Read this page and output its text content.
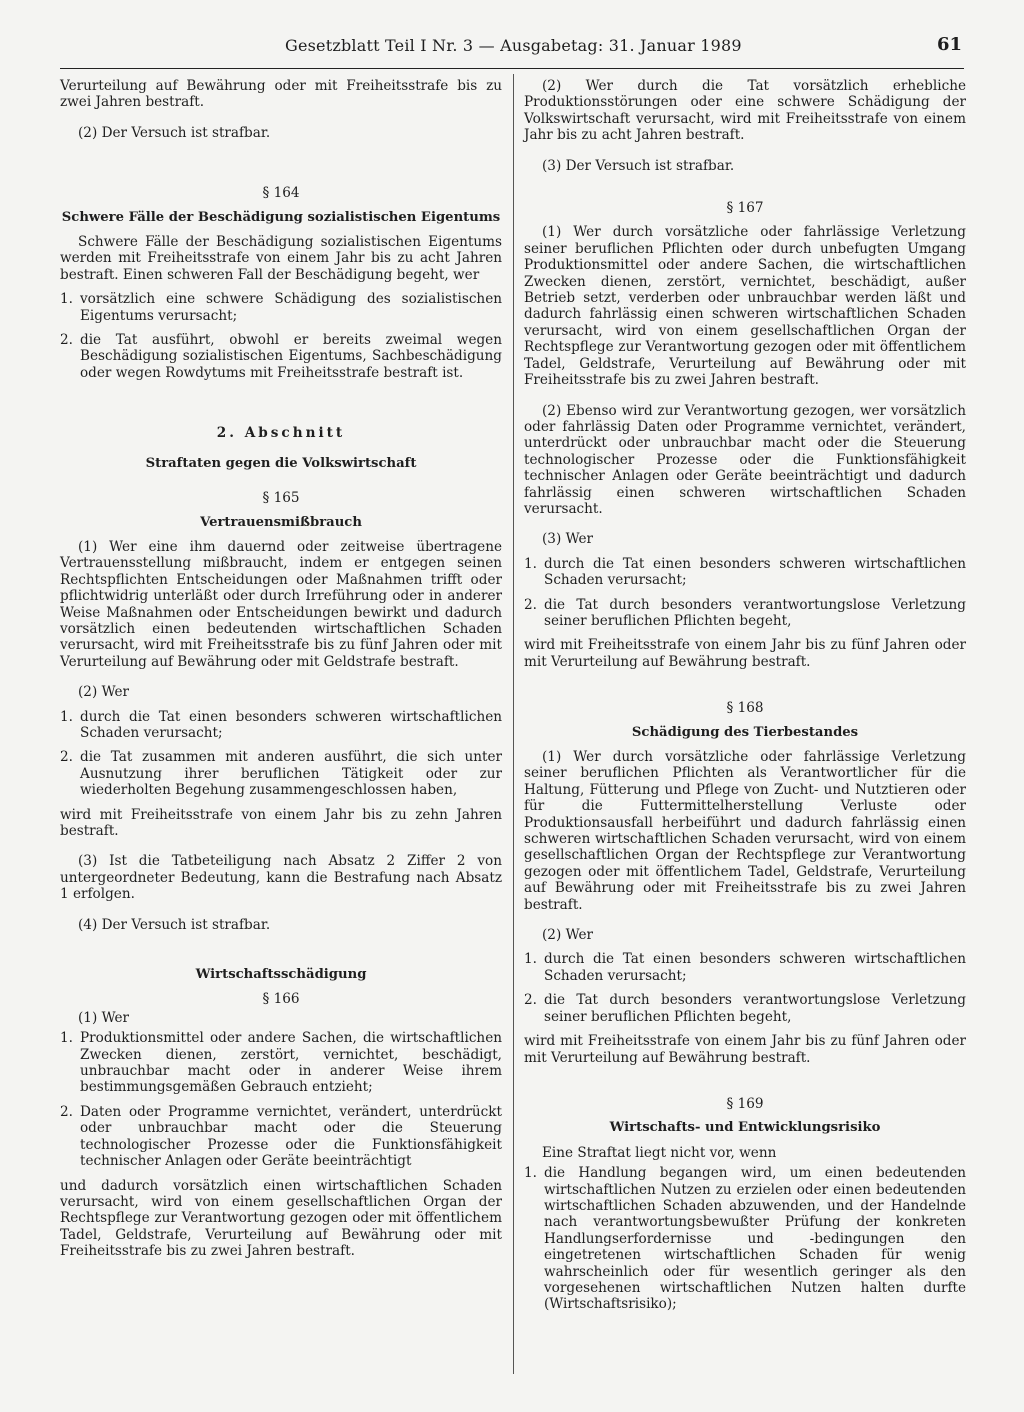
Gesetzblatt Teil I Nr. 3 — Ausgabetag: 31. Januar 1989	61

Verurteilung auf Bewährung oder mit Freiheitsstrafe bis zu zwei Jahren bestraft.

(2) Der Versuch ist strafbar.

§ 164

Schwere Fälle der Beschädigung sozialistischen Eigentums

Schwere Fälle der Beschädigung sozialistischen Eigentums werden mit Freiheitsstrafe von einem Jahr bis zu acht Jahren bestraft. Einen schweren Fall der Beschädigung begeht, wer

1. vorsätzlich eine schwere Schädigung des sozialistischen Eigentums verursacht;
2. die Tat ausführt, obwohl er bereits zweimal wegen Beschädigung sozialistischen Eigentums, Sachbeschädigung oder wegen Rowdytums mit Freiheitsstrafe bestraft ist.

2. Abschnitt

Straftaten gegen die Volkswirtschaft

§ 165

Vertrauensmißbrauch

(1) Wer eine ihm dauernd oder zeitweise übertragene Vertrauensstellung mißbraucht, indem er entgegen seinen Rechtspflichten Entscheidungen oder Maßnahmen trifft oder pflichtwidrig unterläßt oder durch Irreführung oder in anderer Weise Maßnahmen oder Entscheidungen bewirkt und dadurch vorsätzlich einen bedeutenden wirtschaftlichen Schaden verursacht, wird mit Freiheitsstrafe bis zu fünf Jahren oder mit Verurteilung auf Bewährung oder mit Geldstrafe bestraft.

(2) Wer

1. durch die Tat einen besonders schweren wirtschaftlichen Schaden verursacht;
2. die Tat zusammen mit anderen ausführt, die sich unter Ausnutzung ihrer beruflichen Tätigkeit oder zur wiederholten Begehung zusammengeschlossen haben,

wird mit Freiheitsstrafe von einem Jahr bis zu zehn Jahren bestraft.

(3) Ist die Tatbeteiligung nach Absatz 2 Ziffer 2 von untergeordneter Bedeutung, kann die Bestrafung nach Absatz 1 erfolgen.

(4) Der Versuch ist strafbar.

Wirtschaftsschädigung

§ 166

(1) Wer

1. Produktionsmittel oder andere Sachen, die wirtschaftlichen Zwecken dienen, zerstört, vernichtet, beschädigt, unbrauchbar macht oder in anderer Weise ihrem bestimmungsgemäßen Gebrauch entzieht;
2. Daten oder Programme vernichtet, verändert, unterdrückt oder unbrauchbar macht oder die Steuerung technologischer Prozesse oder die Funktionsfähigkeit technischer Anlagen oder Geräte beeinträchtigt

und dadurch vorsätzlich einen wirtschaftlichen Schaden verursacht, wird von einem gesellschaftlichen Organ der Rechtspflege zur Verantwortung gezogen oder mit öffentlichem Tadel, Geldstrafe, Verurteilung auf Bewährung oder mit Freiheitsstrafe bis zu zwei Jahren bestraft.

(2) Wer durch die Tat vorsätzlich erhebliche Produktionsstörungen oder eine schwere Schädigung der Volkswirtschaft verursacht, wird mit Freiheitsstrafe von einem Jahr bis zu acht Jahren bestraft.

(3) Der Versuch ist strafbar.

§ 167

(1) Wer durch vorsätzliche oder fahrlässige Verletzung seiner beruflichen Pflichten oder durch unbefugten Umgang Produktionsmittel oder andere Sachen, die wirtschaftlichen Zwecken dienen, zerstört, vernichtet, beschädigt, außer Betrieb setzt, verderben oder unbrauchbar werden läßt und dadurch fahrlässig einen schweren wirtschaftlichen Schaden verursacht, wird von einem gesellschaftlichen Organ der Rechtspflege zur Verantwortung gezogen oder mit öffentlichem Tadel, Geldstrafe, Verurteilung auf Bewährung oder mit Freiheitsstrafe bis zu zwei Jahren bestraft.

(2) Ebenso wird zur Verantwortung gezogen, wer vorsätzlich oder fahrlässig Daten oder Programme vernichtet, verändert, unterdrückt oder unbrauchbar macht oder die Steuerung technologischer Prozesse oder die Funktionsfähigkeit technischer Anlagen oder Geräte beeinträchtigt und dadurch fahrlässig einen schweren wirtschaftlichen Schaden verursacht.

(3) Wer

1. durch die Tat einen besonders schweren wirtschaftlichen Schaden verursacht;
2. die Tat durch besonders verantwortungslose Verletzung seiner beruflichen Pflichten begeht,

wird mit Freiheitsstrafe von einem Jahr bis zu fünf Jahren oder mit Verurteilung auf Bewährung bestraft.

§ 168

Schädigung des Tierbestandes

(1) Wer durch vorsätzliche oder fahrlässige Verletzung seiner beruflichen Pflichten als Verantwortlicher für die Haltung, Fütterung und Pflege von Zucht- und Nutztieren oder für die Futtermittelherstellung Verluste oder Produktionsausfall herbeiführt und dadurch fahrlässig einen schweren wirtschaftlichen Schaden verursacht, wird von einem gesellschaftlichen Organ der Rechtspflege zur Verantwortung gezogen oder mit öffentlichem Tadel, Geldstrafe, Verurteilung auf Bewährung oder mit Freiheitsstrafe bis zu zwei Jahren bestraft.

(2) Wer

1. durch die Tat einen besonders schweren wirtschaftlichen Schaden verursacht;
2. die Tat durch besonders verantwortungslose Verletzung seiner beruflichen Pflichten begeht,

wird mit Freiheitsstrafe von einem Jahr bis zu fünf Jahren oder mit Verurteilung auf Bewährung bestraft.

§ 169

Wirtschafts- und Entwicklungsrisiko

Eine Straftat liegt nicht vor, wenn

1. die Handlung begangen wird, um einen bedeutenden wirtschaftlichen Nutzen zu erzielen oder einen bedeutenden wirtschaftlichen Schaden abzuwenden, und der Handelnde nach verantwortungsbewußter Prüfung der konkreten Handlungserfordernisse und -bedingungen den eingetretenen wirtschaftlichen Schaden für wenig wahrscheinlich oder für wesentlich geringer als den vorgesehenen wirtschaftlichen Nutzen halten durfte (Wirtschaftsrisiko);
